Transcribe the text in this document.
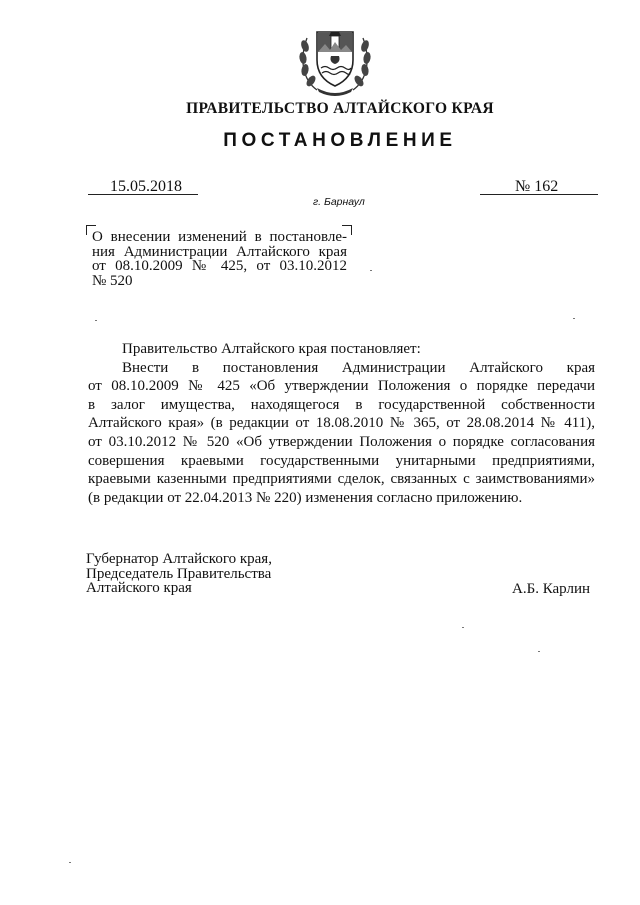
ПРАВИТЕЛЬСТВО АЛТАЙСКОГО КРАЯ
ПОСТАНОВЛЕНИЕ
15.05.2018	№ 162
г. Барнаул
О внесении изменений в постановле-
ния Администрации Алтайского края
от 08.10.2009 № 425, от 03.10.2012
№ 520
Правительство Алтайского края постановляет:
Внести в постановления Администрации Алтайского края
от 08.10.2009 № 425 «Об утверждении Положения о порядке передачи
в залог имущества, находящегося в государственной собственности
Алтайского края» (в редакции от 18.08.2010 № 365, от 28.08.2014 № 411),
от 03.10.2012 № 520 «Об утверждении Положения о порядке согласования
совершения краевыми государственными унитарными предприятиями,
краевыми казенными предприятиями сделок, связанных с заимствованиями»
(в редакции от 22.04.2013 № 220) изменения согласно приложению.
Губернатор Алтайского края,
Председатель Правительства
Алтайского края	А.Б. Карлин
